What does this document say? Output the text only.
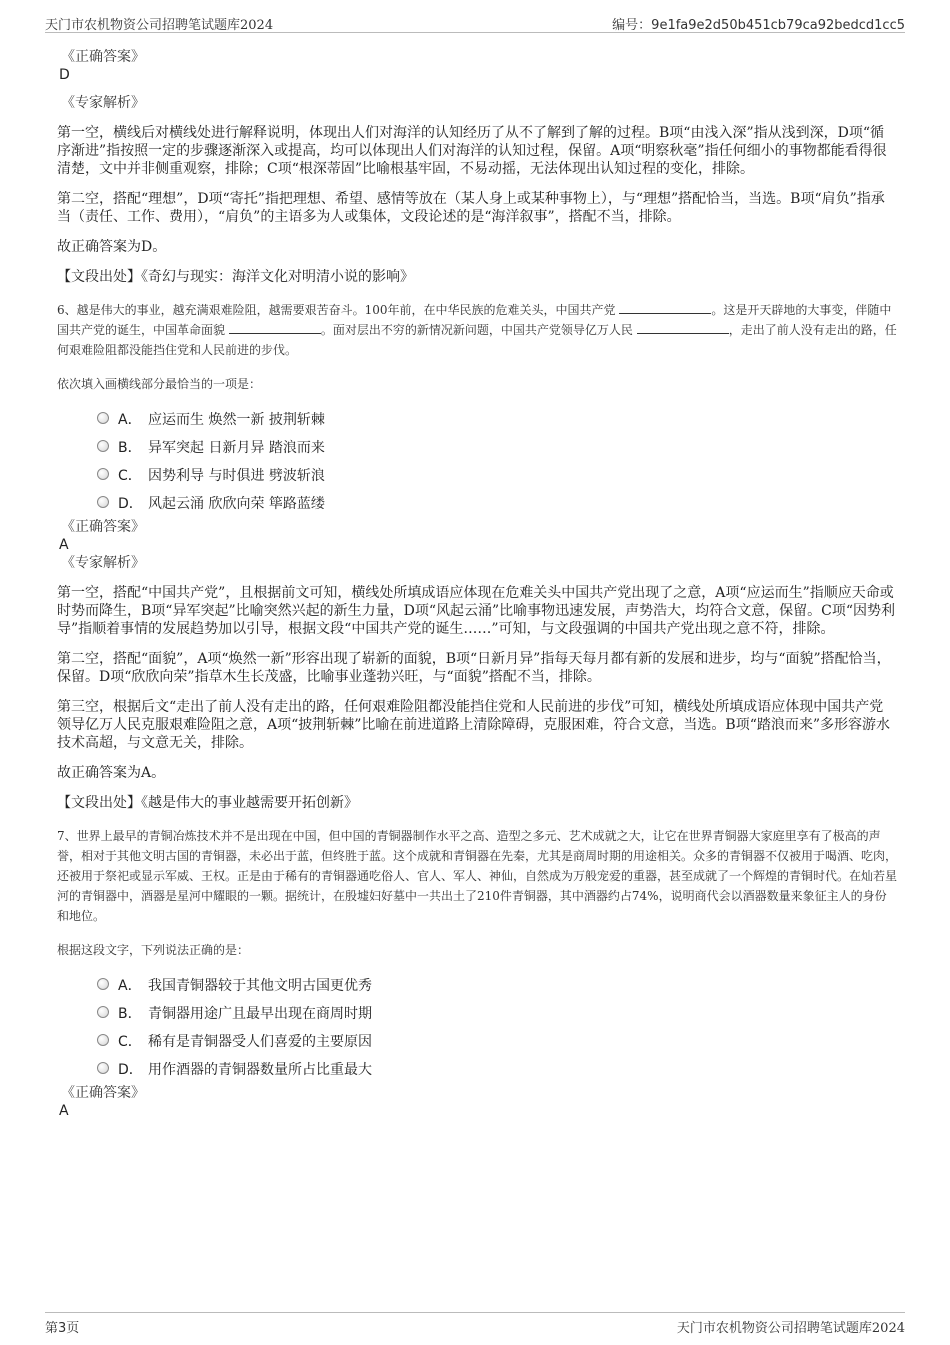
天门市农机物资公司招聘笔试题库2024	编号：9e1fa9e2d50b451cb79ca92bedcd1cc5
《正确答案》
D
《专家解析》

第一空，横线后对横线处进行解释说明，体现出人们对海洋的认知经历了从不了解到了解的过程。B项“由浅入深”指从浅到深，D项“循序渐进”指按照一定的步骤逐渐深入或提高，均可以体现出人们对海洋的认知过程，保留。A项“明察秋毫”指任何细小的事物都能看得很清楚，文中并非侧重观察，排除；C项“根深蒂固”比喻根基牢固，不易动摇，无法体现出认知过程的变化，排除。

第二空，搭配“理想”，D项“寄托”指把理想、希望、感情等放在（某人身上或某种事物上），与“理想”搭配恰当，当选。B项“肩负”指承当（责任、工作、费用），“肩负”的主语多为人或集体，文段论述的是“海洋叙事”，搭配不当，排除。

故正确答案为D。

【文段出处】《奇幻与现实：海洋文化对明清小说的影响》

6、越是伟大的事业，越充满艰难险阻，越需要艰苦奋斗。100年前，在中华民族的危难关头，中国共产党	。这是开天辟地的大事变，伴随中国共产党的诞生，中国革命面貌	。面对层出不穷的新情况新问题，中国共产党领导亿万人民	，走出了前人没有走出的路，任何艰难险阻都没能挡住党和人民前进的步伐。

依次填入画横线部分最恰当的一项是：

A． 应运而生 焕然一新 披荆斩棘
B． 异军突起 日新月异 踏浪而来
C． 因势利导 与时俱进 劈波斩浪
D． 风起云涌 欣欣向荣 筚路蓝缕
《正确答案》
A
《专家解析》

第一空，搭配“中国共产党”，且根据前文可知，横线处所填成语应体现在危难关头中国共产党出现了之意，A项“应运而生”指顺应天命或时势而降生，B项“异军突起”比喻突然兴起的新生力量，D项“风起云涌”比喻事物迅速发展，声势浩大，均符合文意，保留。C项“因势利导”指顺着事情的发展趋势加以引导，根据文段“中国共产党的诞生……”可知，与文段强调的中国共产党出现之意不符，排除。

第二空，搭配“面貌”，A项“焕然一新”形容出现了崭新的面貌，B项“日新月异”指每天每月都有新的发展和进步，均与“面貌”搭配恰当，保留。D项“欣欣向荣”指草木生长茂盛，比喻事业蓬勃兴旺，与“面貌”搭配不当，排除。

第三空，根据后文“走出了前人没有走出的路，任何艰难险阻都没能挡住党和人民前进的步伐”可知，横线处所填成语应体现中国共产党领导亿万人民克服艰难险阻之意，A项“披荆斩棘”比喻在前进道路上清除障碍，克服困难，符合文意，当选。B项“踏浪而来”多形容游水技术高超，与文意无关，排除。

故正确答案为A。

【文段出处】《越是伟大的事业越需要开拓创新》

7、世界上最早的青铜冶炼技术并不是出现在中国，但中国的青铜器制作水平之高、造型之多元、艺术成就之大，让它在世界青铜器大家庭里享有了极高的声誉，相对于其他文明古国的青铜器，未必出于蓝，但终胜于蓝。这个成就和青铜器在先秦，尤其是商周时期的用途相关。众多的青铜器不仅被用于喝酒、吃肉，还被用于祭祀或显示军威、王权。正是由于稀有的青铜器通吃俗人、官人、军人、神仙，自然成为万般宠爱的重器，甚至成就了一个辉煌的青铜时代。在灿若星河的青铜器中，酒器是星河中耀眼的一颗。据统计，在殷墟妇好墓中一共出土了210件青铜器，其中酒器约占74%，说明商代会以酒器数量来象征主人的身份和地位。

根据这段文字，下列说法正确的是：

A． 我国青铜器较于其他文明古国更优秀
B． 青铜器用途广且最早出现在商周时期
C． 稀有是青铜器受人们喜爱的主要原因
D． 用作酒器的青铜器数量所占比重最大
《正确答案》
A
第3页	天门市农机物资公司招聘笔试题库2024
